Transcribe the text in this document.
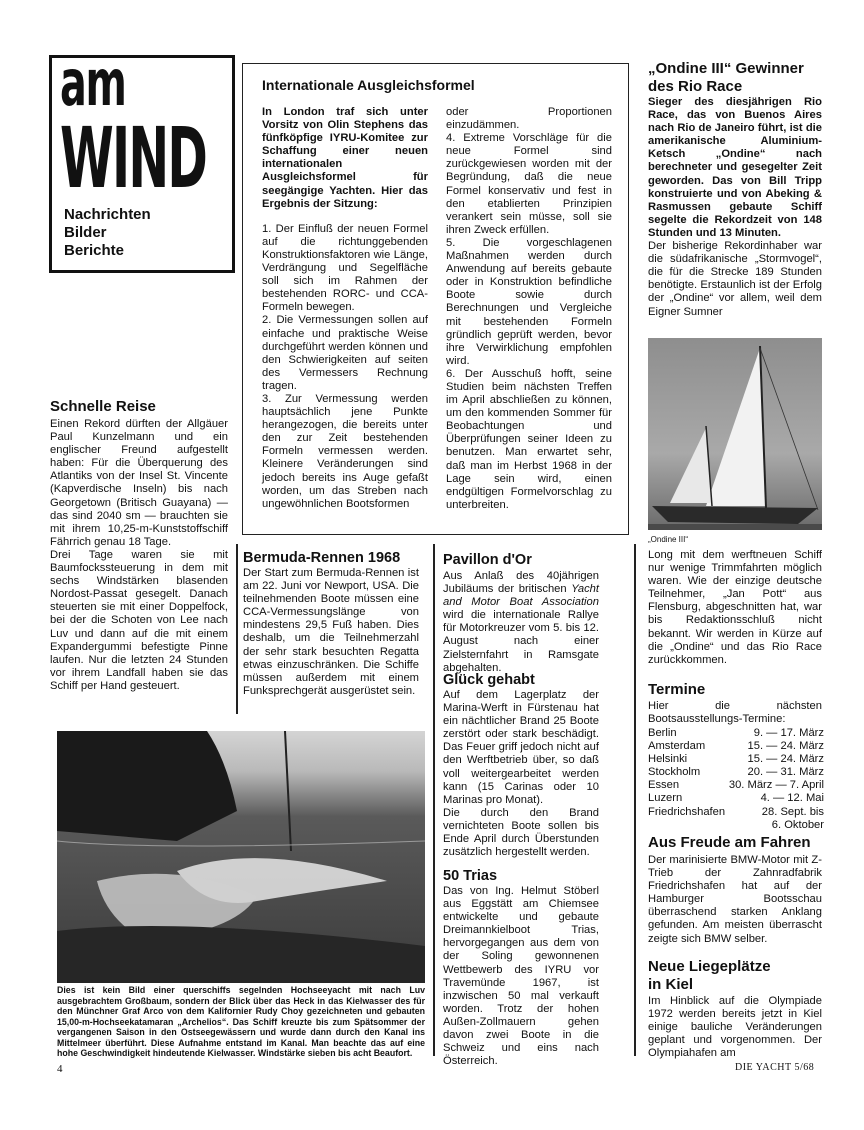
am
WIND
Nachrichten
Bilder
Berichte
Internationale Ausgleichsformel

In London traf sich unter Vorsitz von Olin Stephens das fünfköpfige IYRU-Komitee zur Schaffung einer neuen internationalen Ausgleichsformel für seegängige Yachten. Hier das Ergebnis der Sitzung:

1. Der Einfluß der neuen Formel auf die richtunggebenden Konstruktionsfaktoren wie Länge, Verdrängung und Segelfläche soll sich im Rahmen der bestehenden RORC- und CCA-Formeln bewegen.

2. Die Vermessungen sollen auf einfache und praktische Weise durchgeführt werden können und den Schwierigkeiten auf seiten des Vermessers Rechnung tragen.

3. Zur Vermessung werden hauptsächlich jene Punkte herangezogen, die bereits unter den zur Zeit bestehenden Formeln vermessen werden. Kleinere Veränderungen sind jedoch bereits ins Auge gefaßt worden, um das Streben nach ungewöhnlichen Bootsformen

oder Proportionen einzudämmen.

4. Extreme Vorschläge für die neue Formel sind zurückgewiesen worden mit der Begründung, daß die neue Formel konservativ und fest in den etablierten Prinzipien verankert sein müsse, soll sie ihren Zweck erfüllen.

5. Die vorgeschlagenen Maßnahmen werden durch Anwendung auf bereits gebaute oder in Konstruktion befindliche Boote sowie durch Berechnungen und Vergleiche mit bestehenden Formeln gründlich geprüft werden, bevor ihre Verwirklichung empfohlen wird.

6. Der Ausschuß hofft, seine Studien beim nächsten Treffen im April abschließen zu können, um den kommenden Sommer für Beobachtungen und Überprüfungen seiner Ideen zu benutzen. Man erwartet sehr, daß man im Herbst 1968 in der Lage sein wird, einen endgültigen Formelvorschlag zu unterbreiten.

„Ondine III“ Gewinner
des Rio Race

Sieger des diesjährigen Rio Race, das von Buenos Aires nach Rio de Janeiro führt, ist die amerikanische Aluminium-Ketsch „Ondine“ nach berechneter und gesegelter Zeit geworden. Das von Bill Tripp konstruierte und von Abeking & Rasmussen gebaute Schiff segelte die Rekordzeit von 148 Stunden und 13 Minuten.

Der bisherige Rekordinhaber war die südafrikanische „Stormvogel“, die für die Strecke 189 Stunden benötigte. Erstaunlich ist der Erfolg der „Ondine“ vor allem, weil dem Eigner Sumner

„Ondine III“

Long mit dem werftneuen Schiff nur wenige Trimmfahrten möglich waren. Wie der einzige deutsche Teilnehmer, „Jan Pott“ aus Flensburg, abgeschnitten hat, war bis Redaktionsschluß nicht bekannt. Wir werden in Kürze auf die „Ondine“ und das Rio Race zurückkommen.

Schnelle Reise

Einen Rekord dürften der Allgäuer Paul Kunzelmann und ein englischer Freund aufgestellt haben: Für die Überquerung des Atlantiks von der Insel St. Vincente (Kapverdische Inseln) bis nach Georgetown (Britisch Guayana) — das sind 2040 sm — brauchten sie mit ihrem 10,25-m-Kunststoffschiff Fährrich genau 18 Tage.

Drei Tage waren sie mit Baumfockssteuerung in dem mit sechs Windstärken blasenden Nordost-Passat gesegelt. Danach steuerten sie mit einer Doppelfock, bei der die Schoten von Lee nach Luv und dann auf die mit einem Expandergummi befestigte Pinne laufen. Nur die letzten 24 Stunden vor ihrem Landfall haben sie das Schiff per Hand gesteuert.

Bermuda-Rennen 1968

Der Start zum Bermuda-Rennen ist am 22. Juni vor Newport, USA. Die teilnehmenden Boote müssen eine CCA-Vermessungslänge von mindestens 29,5 Fuß haben. Dies deshalb, um die Teilnehmerzahl der sehr stark besuchten Regatta etwas einzuschränken. Die Schiffe müssen außerdem mit einem Funksprechgerät ausgerüstet sein.

Pavillon d'Or

Aus Anlaß des 40jährigen Jubiläums der britischen Yacht and Motor Boat Association wird die internationale Rallye für Motorkreuzer vom 5. bis 12. August nach einer Zielsternfahrt in Ramsgate abgehalten.

Glück gehabt

Auf dem Lagerplatz der Marina-Werft in Fürstenau hat ein nächtlicher Brand 25 Boote zerstört oder stark beschädigt. Das Feuer griff jedoch nicht auf den Werftbetrieb über, so daß voll weitergearbeitet werden kann (15 Carinas oder 10 Marinas pro Monat).

Die durch den Brand vernichteten Boote sollen bis Ende April durch Überstunden zusätzlich hergestellt werden.

50 Trias

Das von Ing. Helmut Stöberl aus Eggstätt am Chiemsee entwickelte und gebaute Dreimannkielboot Trias, hervorgegangen aus dem von der Soling gewonnenen Wettbewerb des IYRU vor Travemünde 1967, ist inzwischen 50 mal verkauft worden. Trotz der hohen Außen-Zollmauern gehen davon zwei Boote in die Schweiz und eins nach Österreich.

Termine

Hier die nächsten Bootsausstellungs-Termine:

Berlin	9. — 17. März
Amsterdam	15. — 24. März
Helsinki	15. — 24. März
Stockholm	20. — 31. März
Essen	30. März — 7. April
Luzern	4. — 12. Mai
Friedrichshafen	28. Sept. bis
6. Oktober
Aus Freude am Fahren

Der marinisierte BMW-Motor mit Z-Trieb der Zahnradfabrik Friedrichshafen hat auf der Hamburger Bootsschau überraschend starken Anklang gefunden. Am meisten überrascht zeigte sich BMW selber.

Neue Liegeplätze
in Kiel

Im Hinblick auf die Olympiade 1972 werden bereits jetzt in Kiel einige bauliche Veränderungen geplant und vorgenommen. Der Olympiahafen am

Dies ist kein Bild einer querschiffs segelnden Hochseeyacht mit nach Luv ausgebrachtem Großbaum, sondern der Blick über das Heck in das Kielwasser des für den Münchner Graf Arco von dem Kalifornier Rudy Choy gezeichneten und gebauten 15,00-m-Hochseekatamaran „Archelios“. Das Schiff kreuzte bis zum Spätsommer der vergangenen Saison in den Ostseegewässern und wurde dann durch den Kanal ins Mittelmeer überführt. Diese Aufnahme entstand im Kanal. Man beachte das auf eine hohe Geschwindigkeit hindeutende Kielwasser. Windstärke sieben bis acht Beaufort.
4	DIE YACHT 5/68
